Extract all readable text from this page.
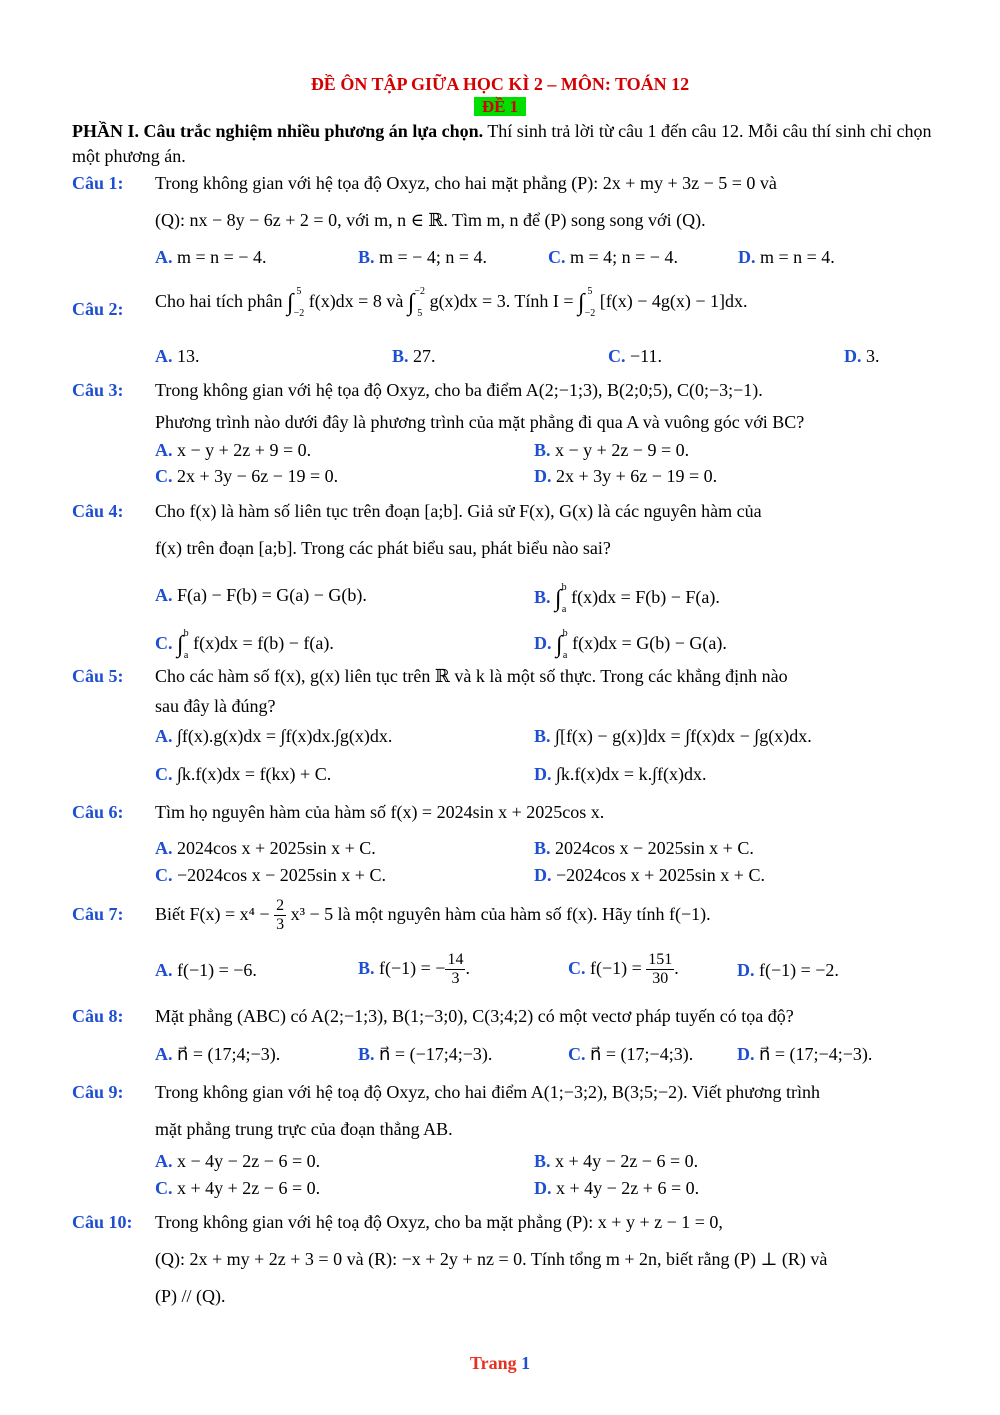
ĐỀ ÔN TẬP GIỮA HỌC KÌ 2 – MÔN: TOÁN 12
ĐỀ 1
PHẦN I. Câu trắc nghiệm nhiều phương án lựa chọn. Thí sinh trả lời từ câu 1 đến câu 12. Mỗi câu thí sinh chỉ chọn một phương án.
Câu 1:	Trong không gian với hệ tọa độ Oxyz, cho hai mặt phẳng (P): 2x + my + 3z − 5 = 0 và
(Q): nx − 8y − 6z + 2 = 0, với m, n ∈ ℝ. Tìm m, n để (P) song song với (Q).
A. m = n = − 4.	B. m = − 4; n = 4.	C. m = 4; n = − 4.	D. m = n = 4.
Câu 2:	Cho hai tích phân ∫ 5
−2 f(x)dx = 8 và ∫−2
5 g(x)dx = 3. Tính I = ∫ 5
−2 [f(x) − 4g(x) − 1]dx.
A. 13.	B. 27.	C. −11.	D. 3.
Câu 3:	Trong không gian với hệ tọa độ Oxyz, cho ba điểm A(2;−1;3), B(2;0;5), C(0;−3;−1).
Phương trình nào dưới đây là phương trình của mặt phẳng đi qua A và vuông góc với BC?
A. x − y + 2z + 9 = 0.	B. x − y + 2z − 9 = 0.
C. 2x + 3y − 6z − 19 = 0.	D. 2x + 3y + 6z − 19 = 0.
Câu 4:	Cho f(x) là hàm số liên tục trên đoạn [a;b]. Giả sử F(x), G(x) là các nguyên hàm của
f(x) trên đoạn [a;b]. Trong các phát biểu sau, phát biểu nào sai?
A. F(a) − F(b) = G(a) − G(b).	B. ∫b
a f(x)dx = F(b) − F(a).
C. ∫b
a f(x)dx = f(b) − f(a).	D. ∫b
a f(x)dx = G(b) − G(a).
Câu 5:	Cho các hàm số f(x), g(x) liên tục trên ℝ và k là một số thực. Trong các khẳng định nào
sau đây là đúng?
A. ∫f(x).g(x)dx = ∫f(x)dx.∫g(x)dx.	B. ∫[f(x) − g(x)]dx = ∫f(x)dx − ∫g(x)dx.
C. ∫k.f(x)dx = f(kx) + C.	D. ∫k.f(x)dx = k.∫f(x)dx.
Câu 6:	Tìm họ nguyên hàm của hàm số f(x) = 2024sin x + 2025cos x.
A. 2024cos x + 2025sin x + C.	B. 2024cos x − 2025sin x + C.
C. −2024cos x − 2025sin x + C.	D. −2024cos x + 2025sin x + C.
Câu 7:	Biết $F(x) = x^4 - \frac{2}{3} x^3 - 5$ là một nguyên hàm của hàm số f(x). Hãy tính f(−1).
A. f(−1) = −6.	B. f(−1) = − $\frac{14}{3}$ .	C. $f(-1) = \frac{151}{30}$ .	D. f(−1) = −2.
Câu 8:	Mặt phẳng (ABC) có A(2;−1;3), B(1;−3;0), C(3;4;2) có một vectơ pháp tuyến có tọa độ?
A. n⃗ = (17;4;−3).	B. n⃗ = (−17;4;−3).	C. n⃗ = (17;−4;3). D. n⃗ = (17;−4;−3).
Câu 9:	Trong không gian với hệ toạ độ Oxyz, cho hai điểm A(1;−3;2), B(3;5;−2). Viết phương trình
mặt phẳng trung trực của đoạn thẳng AB.
A. x − 4y − 2z − 6 = 0.	B. x + 4y − 2z − 6 = 0.
C. x + 4y + 2z − 6 = 0.	D. x + 4y − 2z + 6 = 0.
Câu 10:	Trong không gian với hệ toạ độ Oxyz, cho ba mặt phẳng (P): x + y + z − 1 = 0,
(Q): 2x + my + 2z + 3 = 0 và (R): −x + 2y + nz = 0. Tính tổng m + 2n, biết rằng (P) ⊥ (R) và
(P) // (Q).
Trang 1
